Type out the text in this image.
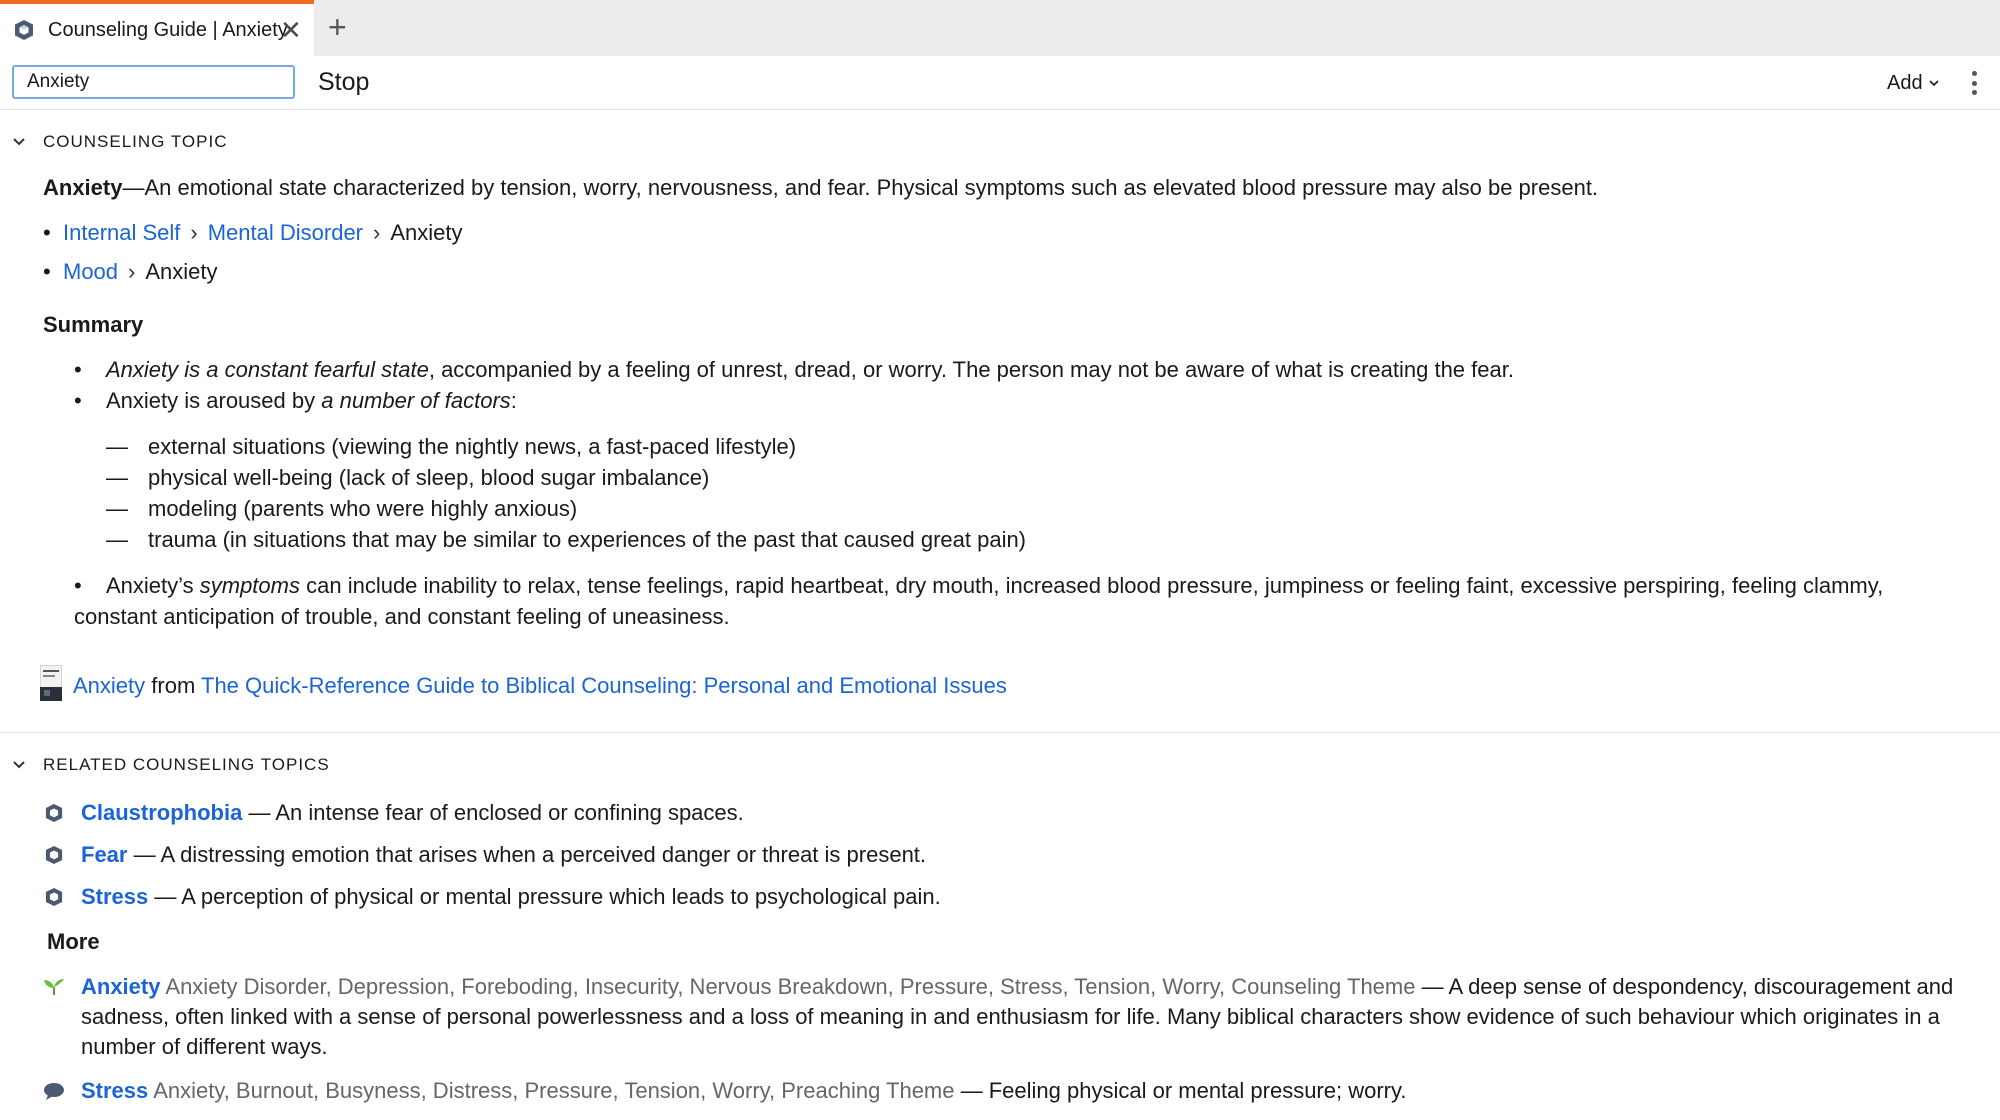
Counseling Guide | Anxiety
✕ +
Anxiety
Stop	Add
COUNSELING TOPIC
Anxiety—An emotional state characterized by tension, worry, nervousness, and fear. Physical symptoms such as elevated blood pressure may also be present.
• Internal Self › Mental Disorder › Anxiety
• Mood › Anxiety
Summary
• Anxiety is a constant fearful state, accompanied by a feeling of unrest, dread, or worry. The person may not be aware of what is creating the fear.
• Anxiety is aroused by a number of factors:
— external situations (viewing the nightly news, a fast-paced lifestyle)
— physical well-being (lack of sleep, blood sugar imbalance)
— modeling (parents who were highly anxious)
— trauma (in situations that may be similar to experiences of the past that caused great pain)
• Anxiety’s symptoms can include inability to relax, tense feelings, rapid heartbeat, dry mouth, increased blood pressure, jumpiness or feeling faint, excessive perspiring, feeling clammy,
constant anticipation of trouble, and constant feeling of uneasiness.
Anxiety from The Quick-Reference Guide to Biblical Counseling: Personal and Emotional Issues
RELATED COUNSELING TOPICS
Claustrophobia — An intense fear of enclosed or confining spaces.
Fear — A distressing emotion that arises when a perceived danger or threat is present.
Stress — A perception of physical or mental pressure which leads to psychological pain.
More
Anxiety Anxiety Disorder, Depression, Foreboding, Insecurity, Nervous Breakdown, Pressure, Stress, Tension, Worry, Counseling Theme — A deep sense of despondency, discouragement and sadness, often linked with a sense of personal powerlessness and a loss of meaning in and enthusiasm for life. Many biblical characters show evidence of such behaviour which originates in a number of different ways.
Stress Anxiety, Burnout, Busyness, Distress, Pressure, Tension, Worry, Preaching Theme — Feeling physical or mental pressure; worry.
